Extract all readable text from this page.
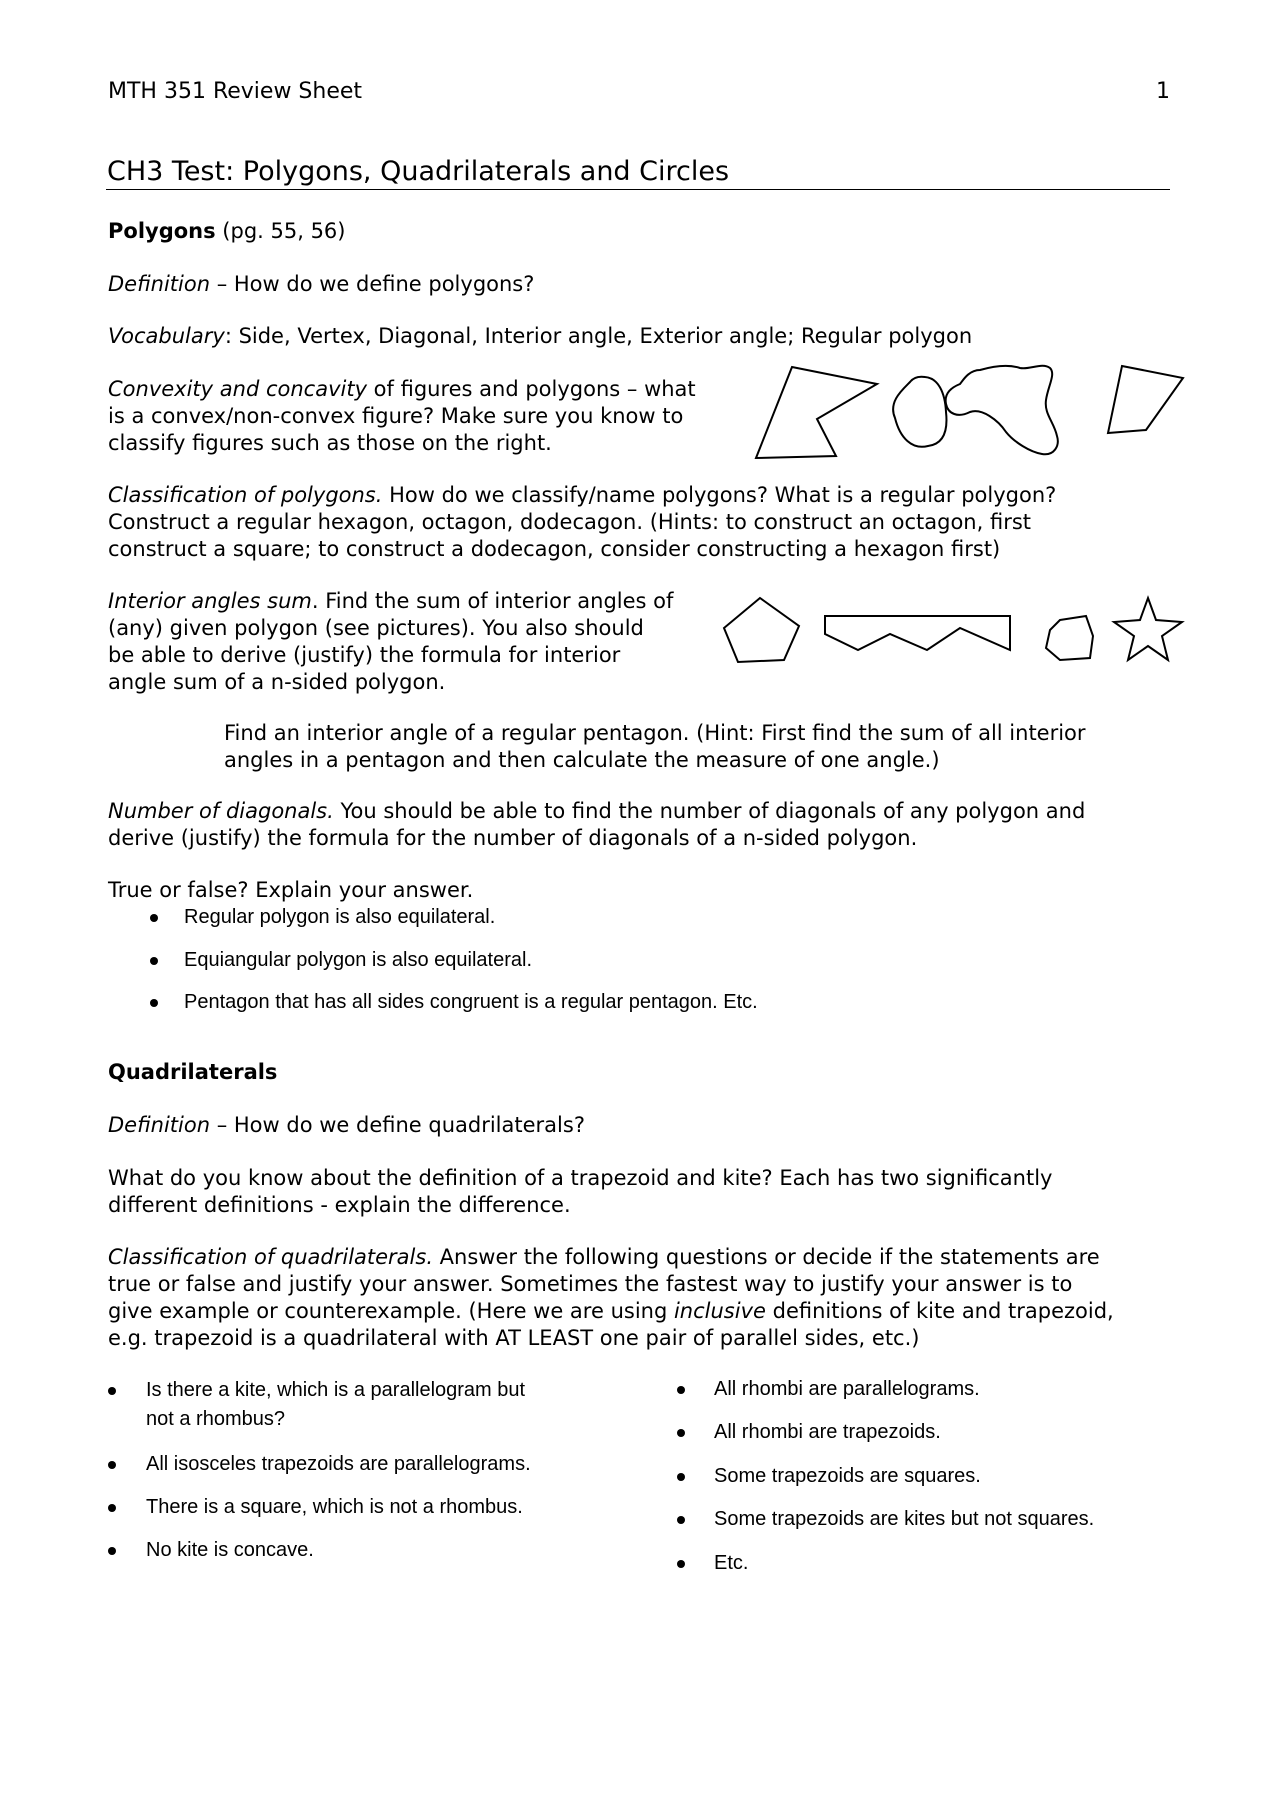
MTH 351 Review Sheet	1
CH3 Test: Polygons, Quadrilaterals and Circles
Polygons (pg. 55, 56)
Definition – How do we define polygons?
Vocabulary: Side, Vertex, Diagonal, Interior angle, Exterior angle; Regular polygon
Convexity and concavity of figures and polygons – what
is a convex/non-convex figure? Make sure you know to
classify figures such as those on the right.
Classification of polygons. How do we classify/name polygons? What is a regular polygon?
Construct a regular hexagon, octagon, dodecagon. (Hints: to construct an octagon, first
construct a square; to construct a dodecagon, consider constructing a hexagon first)
Interior angles sum. Find the sum of interior angles of
(any) given polygon (see pictures). You also should
be able to derive (justify) the formula for interior
angle sum of a n-sided polygon.
Find an interior angle of a regular pentagon. (Hint: First find the sum of all interior
angles in a pentagon and then calculate the measure of one angle.)
Number of diagonals. You should be able to find the number of diagonals of any polygon and
derive (justify) the formula for the number of diagonals of a n-sided polygon.
True or false? Explain your answer.
Regular polygon is also equilateral.
Equiangular polygon is also equilateral.
Pentagon that has all sides congruent is a regular pentagon. Etc.
Quadrilaterals
Definition – How do we define quadrilaterals?
What do you know about the definition of a trapezoid and kite? Each has two significantly
different definitions - explain the difference.
Classification of quadrilaterals. Answer the following questions or decide if the statements are
true or false and justify your answer. Sometimes the fastest way to justify your answer is to
give example or counterexample. (Here we are using inclusive definitions of kite and trapezoid,
e.g. trapezoid is a quadrilateral with AT LEAST one pair of parallel sides, etc.)
Is there a kite, which is a parallelogram but
not a rhombus?
All isosceles trapezoids are parallelograms.
There is a square, which is not a rhombus.
No kite is concave.
All rhombi are parallelograms.
All rhombi are trapezoids.
Some trapezoids are squares.
Some trapezoids are kites but not squares.
Etc.
